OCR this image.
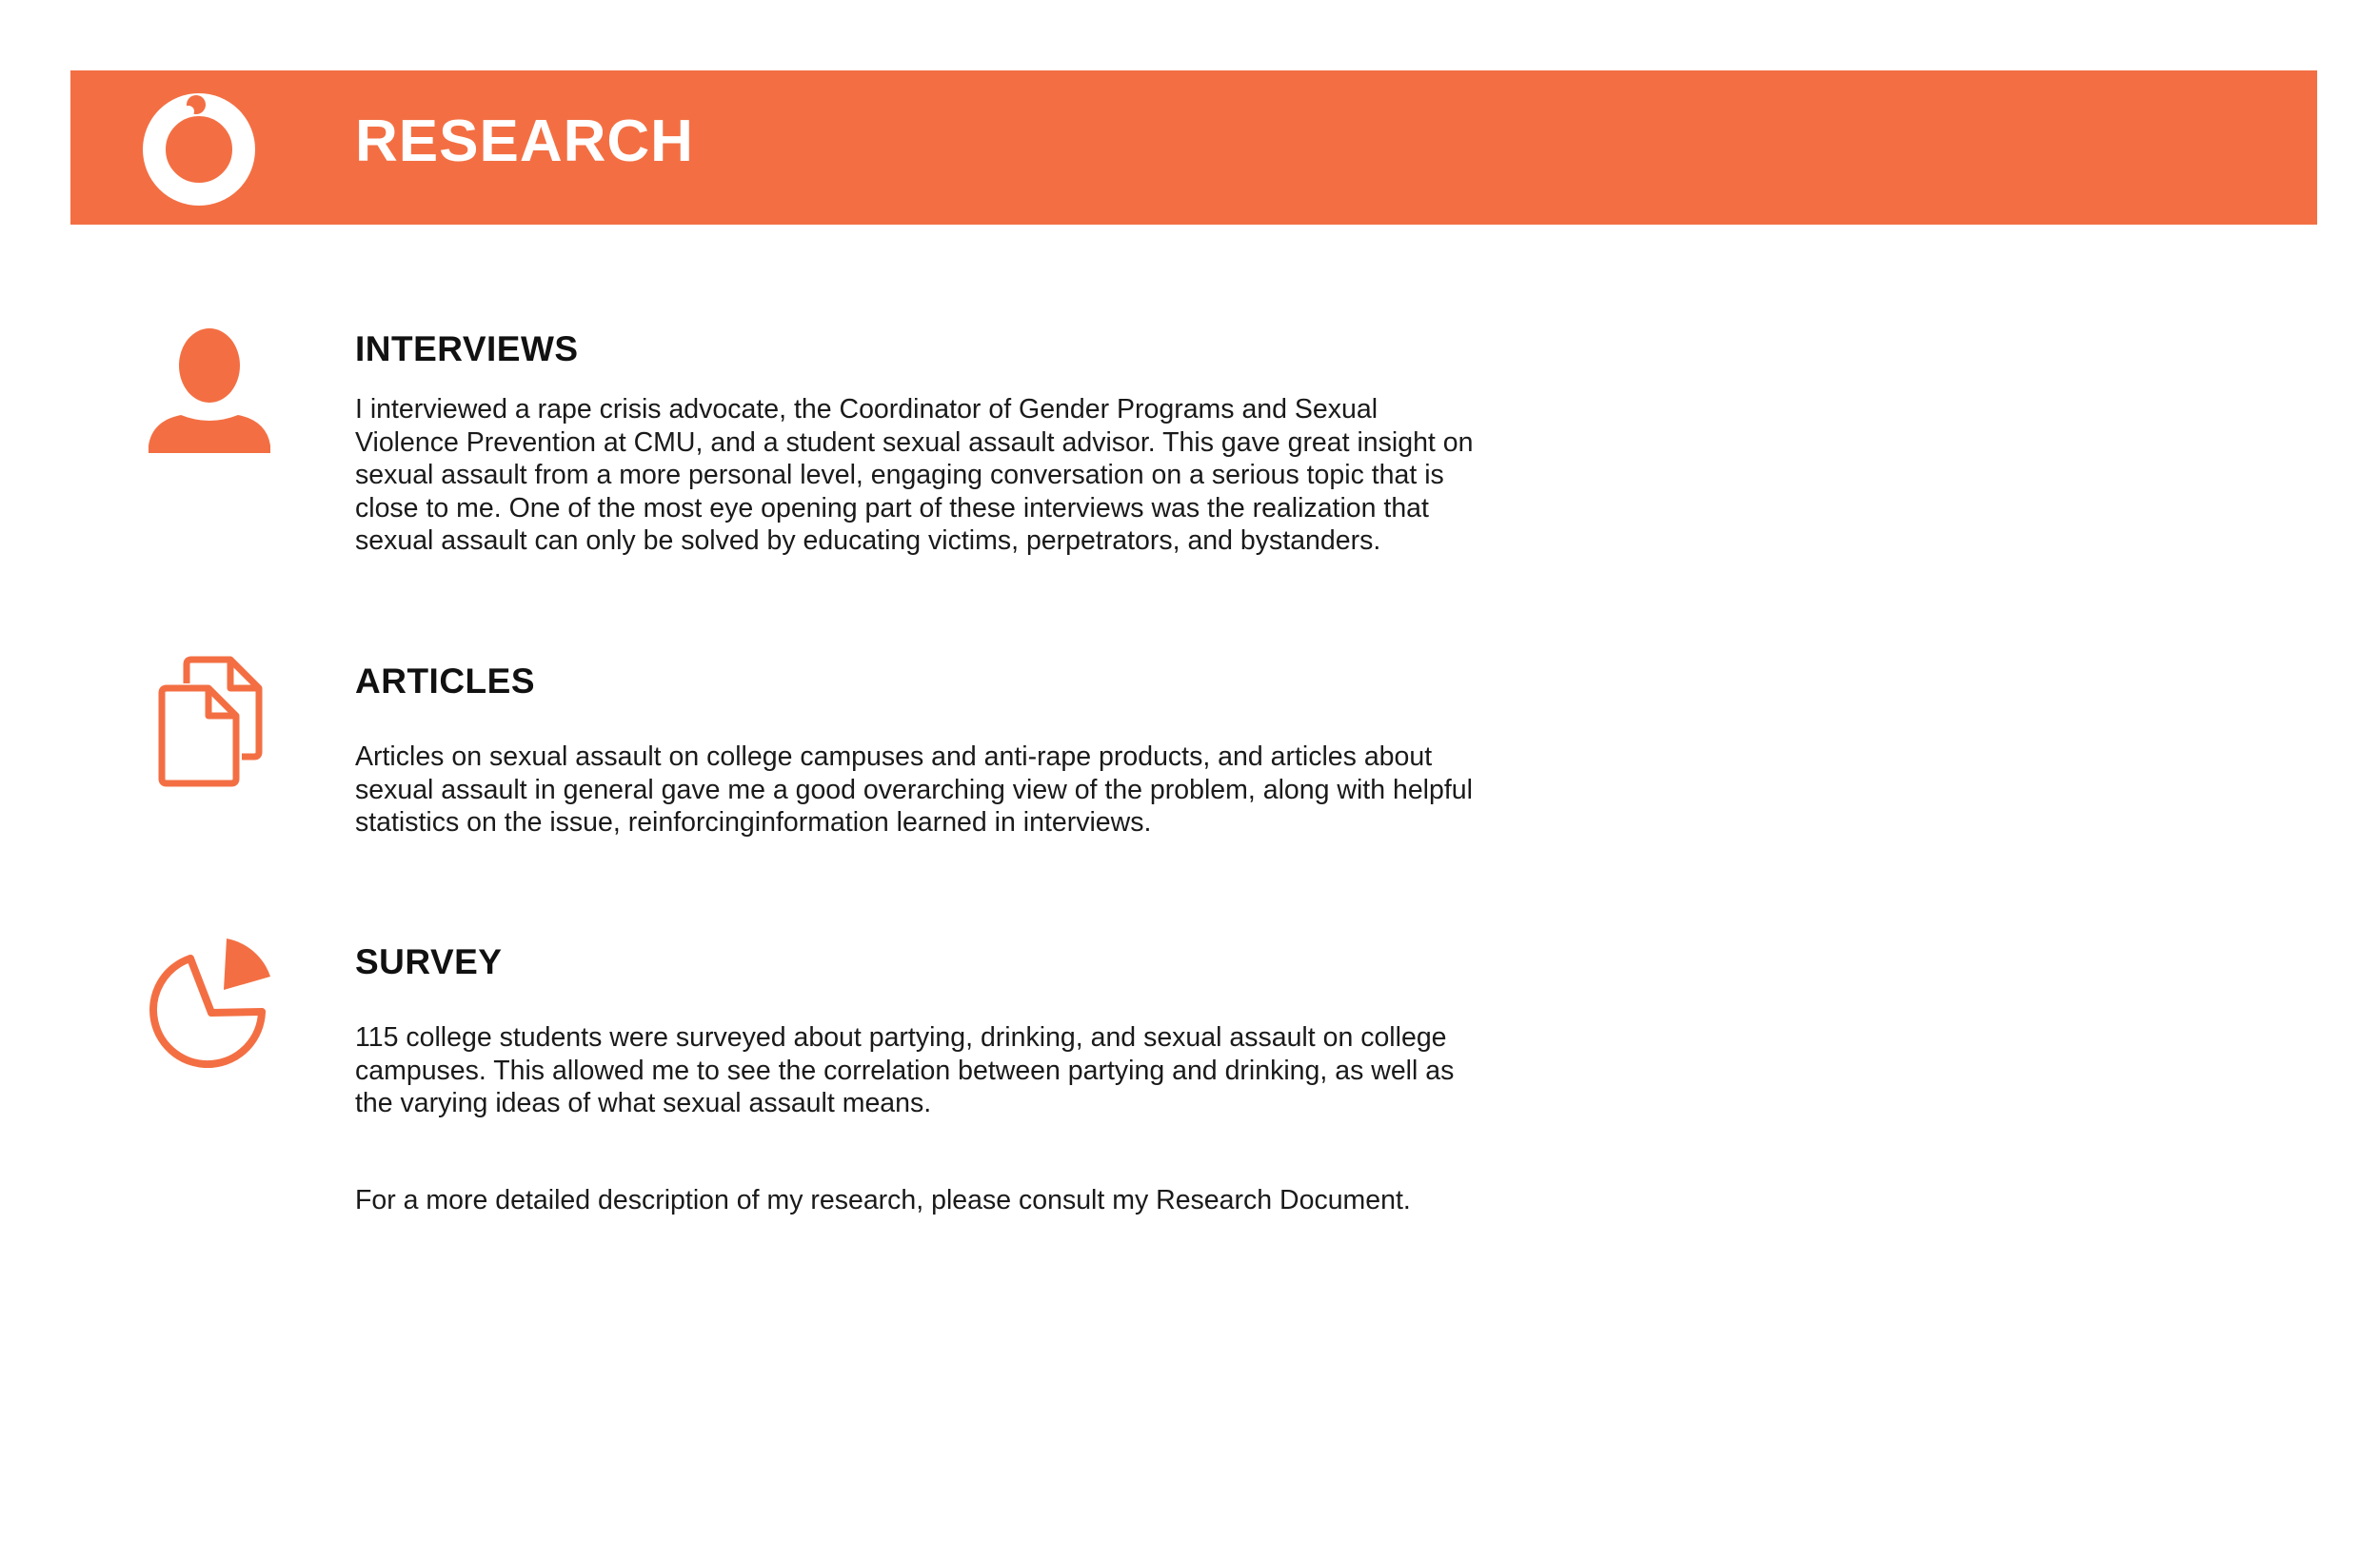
RESEARCH
INTERVIEWS

I interviewed a rape crisis advocate, the Coordinator of Gender Programs and Sexual Violence Prevention at CMU, and a student sexual assault advisor. This gave great insight on sexual assault from a more personal level, engaging conversation on a serious topic that is close to me. One of the most eye opening part of these interviews was the realization that sexual assault can only be solved by educating victims, perpetrators, and bystanders.

ARTICLES

Articles on sexual assault on college campuses and anti-rape products, and articles about sexual assault in general gave me a good overarching view of the problem, along with helpful statistics on the issue, reinforcinginformation learned in interviews.

SURVEY

115 college students were surveyed about partying, drinking, and sexual assault on college campuses. This allowed me to see the correlation between partying and drinking, as well as the varying ideas of what sexual assault means.

For a more detailed description of my research, please consult my Research Document.
